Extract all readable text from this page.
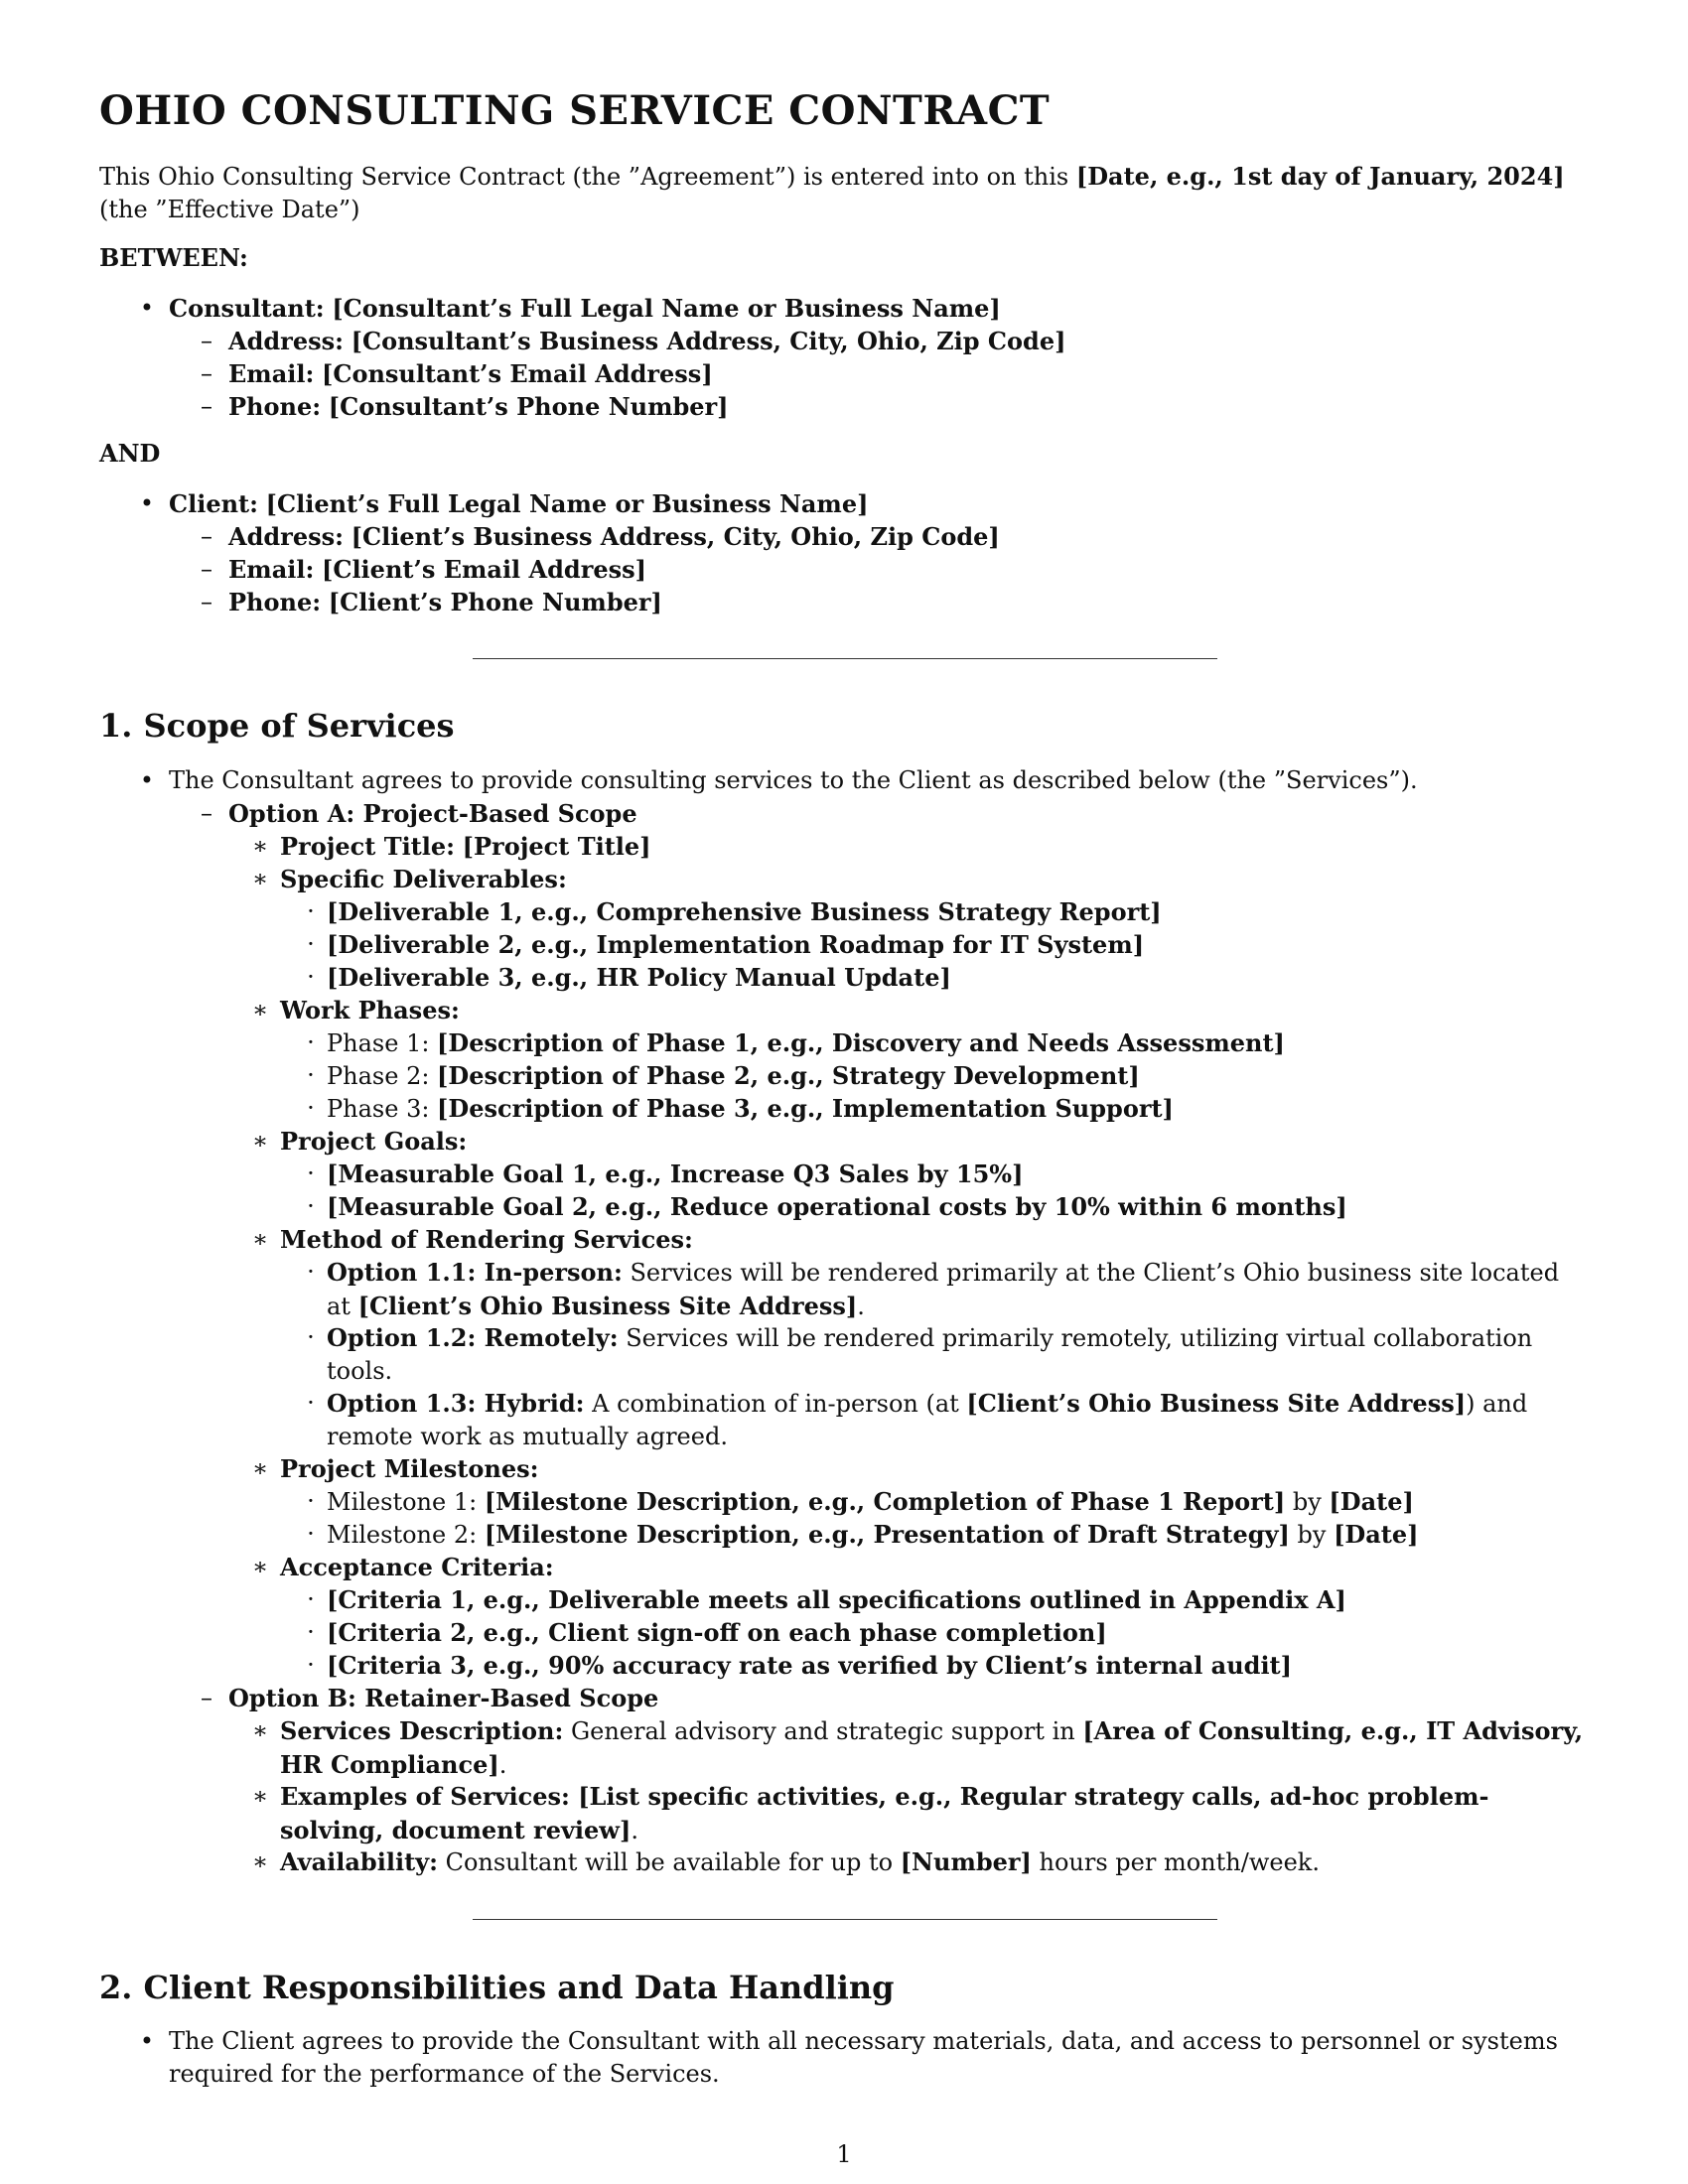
OHIO CONSULTING SERVICE CONTRACT

This Ohio Consulting Service Contract (the ”Agreement”) is entered into on this [Date, e.g., 1st day of January, 2024] (the ”Effective Date”)

BETWEEN:

• Consultant: [Consultant’s Full Legal Name or Business Name]
– Address: [Consultant’s Business Address, City, Ohio, Zip Code]
– Email: [Consultant’s Email Address]
– Phone: [Consultant’s Phone Number]

AND

• Client: [Client’s Full Legal Name or Business Name]
– Address: [Client’s Business Address, City, Ohio, Zip Code]
– Email: [Client’s Email Address]
– Phone: [Client’s Phone Number]
1. Scope of Services
• The Consultant agrees to provide consulting services to the Client as described below (the ”Services”).
– Option A: Project-Based Scope
∗ Project Title: [Project Title]
∗ Specific Deliverables:
· [Deliverable 1, e.g., Comprehensive Business Strategy Report]
· [Deliverable 2, e.g., Implementation Roadmap for IT System]
· [Deliverable 3, e.g., HR Policy Manual Update]
∗ Work Phases:
· Phase 1: [Description of Phase 1, e.g., Discovery and Needs Assessment]
· Phase 2: [Description of Phase 2, e.g., Strategy Development]
· Phase 3: [Description of Phase 3, e.g., Implementation Support]
∗ Project Goals:
· [Measurable Goal 1, e.g., Increase Q3 Sales by 15%]
· [Measurable Goal 2, e.g., Reduce operational costs by 10% within 6 months]
∗ Method of Rendering Services:
· Option 1.1: In-person: Services will be rendered primarily at the Client’s Ohio business site located at [Client’s Ohio Business Site Address].
· Option 1.2: Remotely: Services will be rendered primarily remotely, utilizing virtual collaboration tools.
· Option 1.3: Hybrid: A combination of in-person (at [Client’s Ohio Business Site Address]) and remote work as mutually agreed.
∗ Project Milestones:
· Milestone 1: [Milestone Description, e.g., Completion of Phase 1 Report] by [Date]
· Milestone 2: [Milestone Description, e.g., Presentation of Draft Strategy] by [Date]
∗ Acceptance Criteria:
· [Criteria 1, e.g., Deliverable meets all specifications outlined in Appendix A]
· [Criteria 2, e.g., Client sign-off on each phase completion]
· [Criteria 3, e.g., 90% accuracy rate as verified by Client’s internal audit]
– Option B: Retainer-Based Scope
∗ Services Description: General advisory and strategic support in [Area of Consulting, e.g., IT Advisory, HR Compliance].
∗ Examples of Services: [List specific activities, e.g., Regular strategy calls, ad-hoc problem-solving, document review].
∗ Availability: Consultant will be available for up to [Number] hours per month/week.
2. Client Responsibilities and Data Handling
• The Client agrees to provide the Consultant with all necessary materials, data, and access to personnel or systems required for the performance of the Services.
1
